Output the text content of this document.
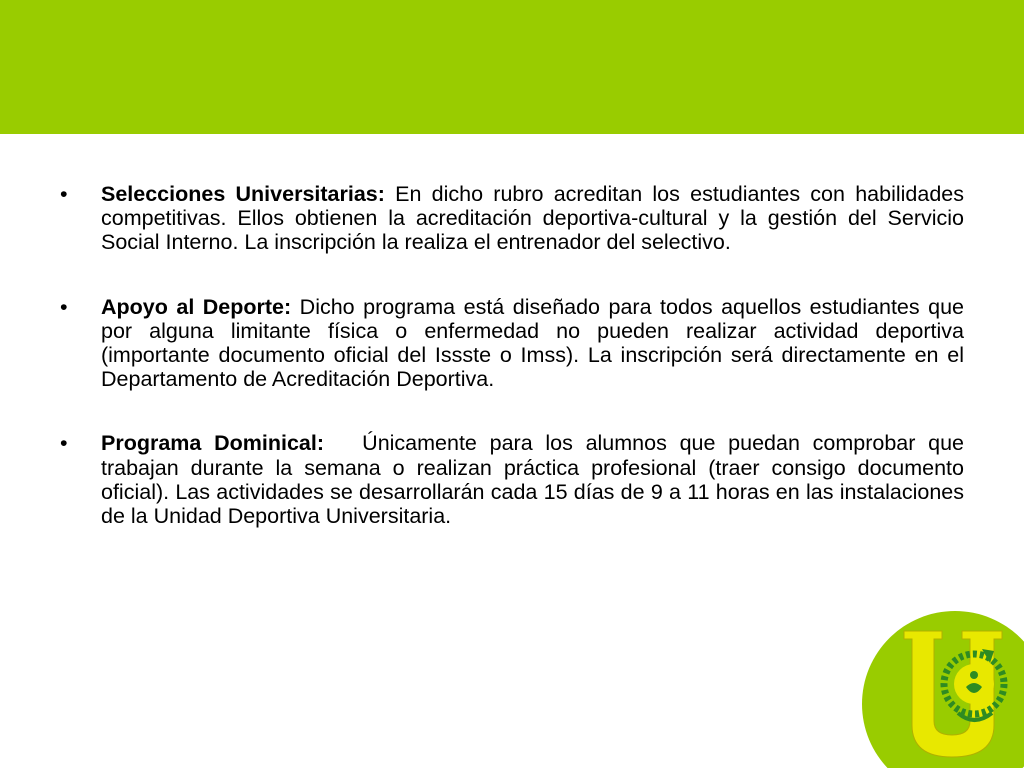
•	Selecciones Universitarias: En dicho rubro acreditan los estudiantes con habilidades competitivas. Ellos obtienen la acreditación deportiva-cultural y la gestión del Servicio Social Interno. La inscripción la realiza el entrenador del selectivo.
•	Apoyo al Deporte: Dicho programa está diseñado para todos aquellos estudiantes que por alguna limitante física o enfermedad no pueden realizar actividad deportiva (importante documento oficial del Issste o Imss). La inscripción será directamente en el Departamento de Acreditación Deportiva.
•	Programa Dominical:   Únicamente para los alumnos que puedan comprobar que trabajan durante la semana o realizan práctica profesional (traer consigo documento oficial). Las actividades se desarrollarán cada 15 días de 9 a 11 horas en las instalaciones de la Unidad Deportiva Universitaria.
